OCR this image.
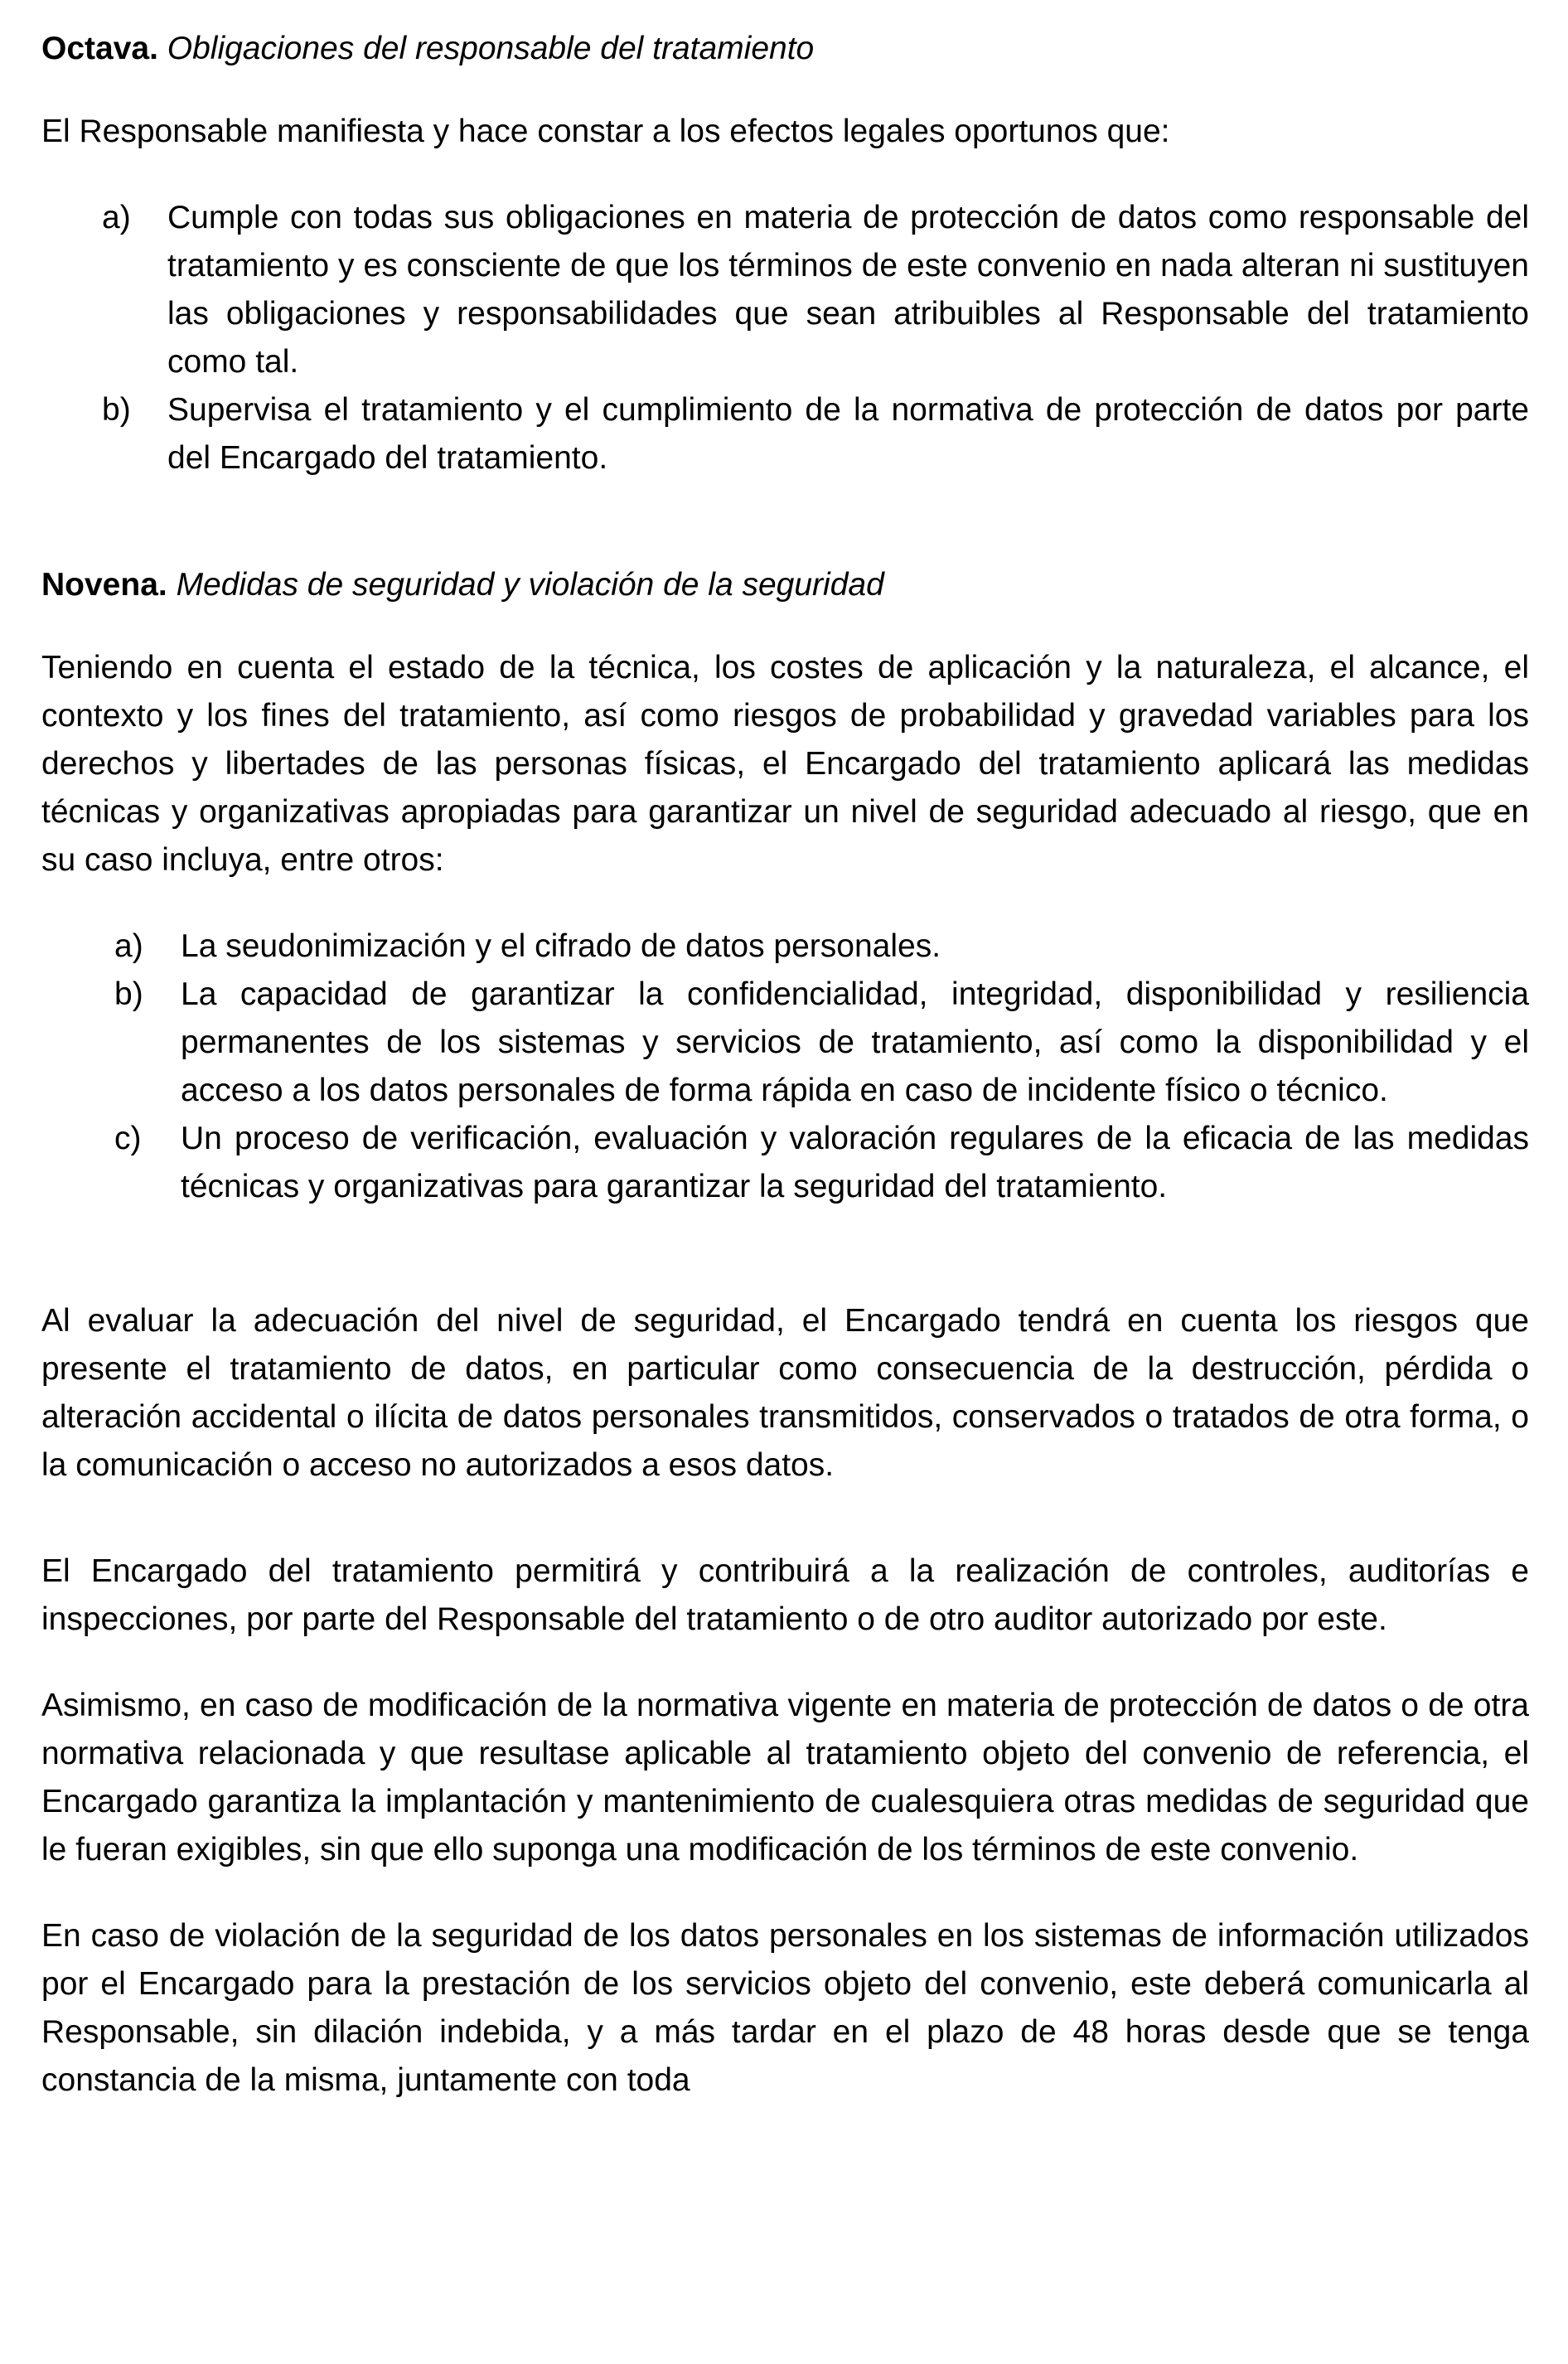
Octava. Obligaciones del responsable del tratamiento

El Responsable manifiesta y hace constar a los efectos legales oportunos que:

a) Cumple con todas sus obligaciones en materia de protección de datos como responsable del tratamiento y es consciente de que los términos de este convenio en nada alteran ni sustituyen las obligaciones y responsabilidades que sean atribuibles al Responsable del tratamiento como tal.
b) Supervisa el tratamiento y el cumplimiento de la normativa de protección de datos por parte del Encargado del tratamiento.
Novena. Medidas de seguridad y violación de la seguridad

Teniendo en cuenta el estado de la técnica, los costes de aplicación y la naturaleza, el alcance, el contexto y los fines del tratamiento, así como riesgos de probabilidad y gravedad variables para los derechos y libertades de las personas físicas, el Encargado del tratamiento aplicará las medidas técnicas y organizativas apropiadas para garantizar un nivel de seguridad adecuado al riesgo, que en su caso incluya, entre otros:

a) La seudonimización y el cifrado de datos personales.
b) La capacidad de garantizar la confidencialidad, integridad, disponibilidad y resiliencia permanentes de los sistemas y servicios de tratamiento, así como la disponibilidad y el acceso a los datos personales de forma rápida en caso de incidente físico o técnico.
c) Un proceso de verificación, evaluación y valoración regulares de la eficacia de las medidas técnicas y organizativas para garantizar la seguridad del tratamiento.

Al evaluar la adecuación del nivel de seguridad, el Encargado tendrá en cuenta los riesgos que presente el tratamiento de datos, en particular como consecuencia de la destrucción, pérdida o alteración accidental o ilícita de datos personales transmitidos, conservados o tratados de otra forma, o la comunicación o acceso no autorizados a esos datos.

El Encargado del tratamiento permitirá y contribuirá a la realización de controles, auditorías e inspecciones, por parte del Responsable del tratamiento o de otro auditor autorizado por este.

Asimismo, en caso de modificación de la normativa vigente en materia de protección de datos o de otra normativa relacionada y que resultase aplicable al tratamiento objeto del convenio de referencia, el Encargado garantiza la implantación y mantenimiento de cualesquiera otras medidas de seguridad que le fueran exigibles, sin que ello suponga una modificación de los términos de este convenio.

En caso de violación de la seguridad de los datos personales en los sistemas de información utilizados por el Encargado para la prestación de los servicios objeto del convenio, este deberá comunicarla al Responsable, sin dilación indebida, y a más tardar en el plazo de 48 horas desde que se tenga constancia de la misma, juntamente con toda
